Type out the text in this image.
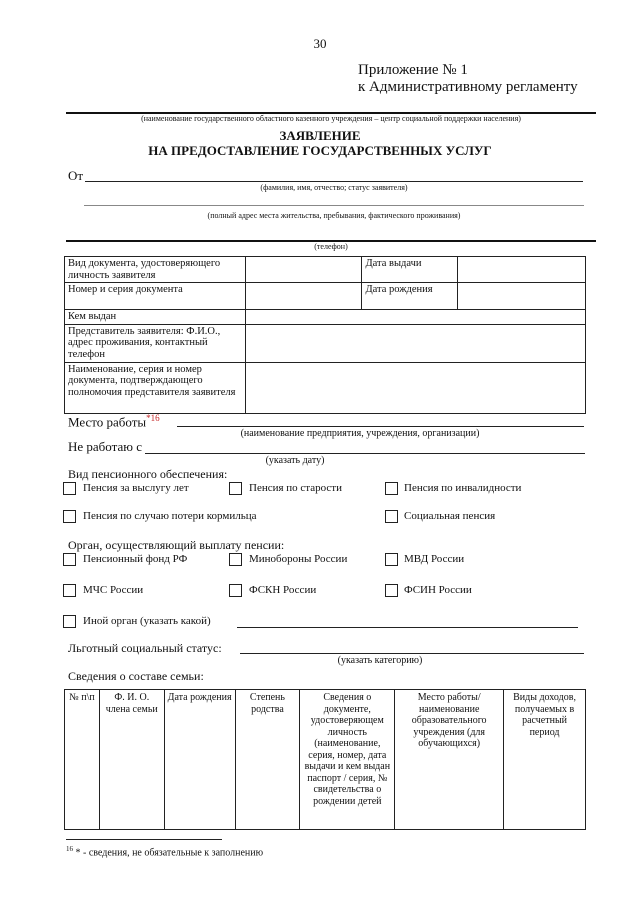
30
Приложение № 1
к Административному регламенту
(наименование государственного областного казенного учреждения – центр социальной поддержки населения)
ЗАЯВЛЕНИЕ
НА ПРЕДОСТАВЛЕНИЕ ГОСУДАРСТВЕННЫХ УСЛУГ
От
(фамилия, имя, отчество; статус заявителя)
(полный адрес места жительства, пребывания, фактического проживания)
(телефон)
Вид документа, удостоверяющего личность заявителя		Дата выдачи	
Номер и серия документа		Дата рождения	
Кем выдан			
Представитель заявителя: Ф.И.О., адрес проживания, контактный телефон			
Наименование, серия и номер документа, подтверждающего полномочия представителя заявителя			
Место работы$^{*16}$
(наименование предприятия, учреждения, организации)
Не работаю с
(указать дату)
Вид пенсионного обеспечения:
Пенсия за выслугу лет	Пенсия по старости	Пенсия по инвалидности
Пенсия по случаю потери кормильца	Социальная пенсия
Орган, осуществляющий выплату пенсии:
Пенсионный фонд РФ	Минобороны России	МВД России
МЧС России	ФСКН России	ФСИН России
Иной орган (указать какой)
Льготный социальный статус:
(указать категорию)
Сведения о составе семьи:
№ п\п	Ф. И. О. члена семьи	Дата рождения	Степень родства	Сведения о документе, удостоверяющем личность (наименование, серия, номер, дата выдачи и кем выдан паспорт / серия, № свидетельства о рождении детей	Место работы/ наименование образовательного учреждения (для обучающихся)	Виды доходов, получаемых в расчетный период
$^{16}$ * - сведения, не обязательные к заполнению
